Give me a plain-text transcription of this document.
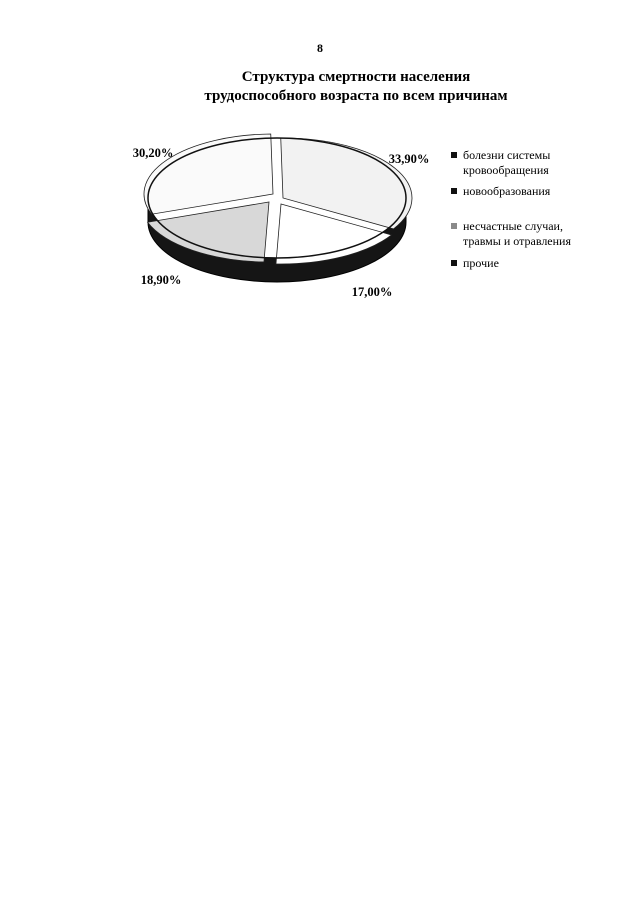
8
Структура смертности населения
трудоспособного возраста по всем причинам
33,90%
17,00%
18,90%
30,20%	болезни системы
кровообращения
новообразования
несчастные случаи,
травмы и отравления
прочие
